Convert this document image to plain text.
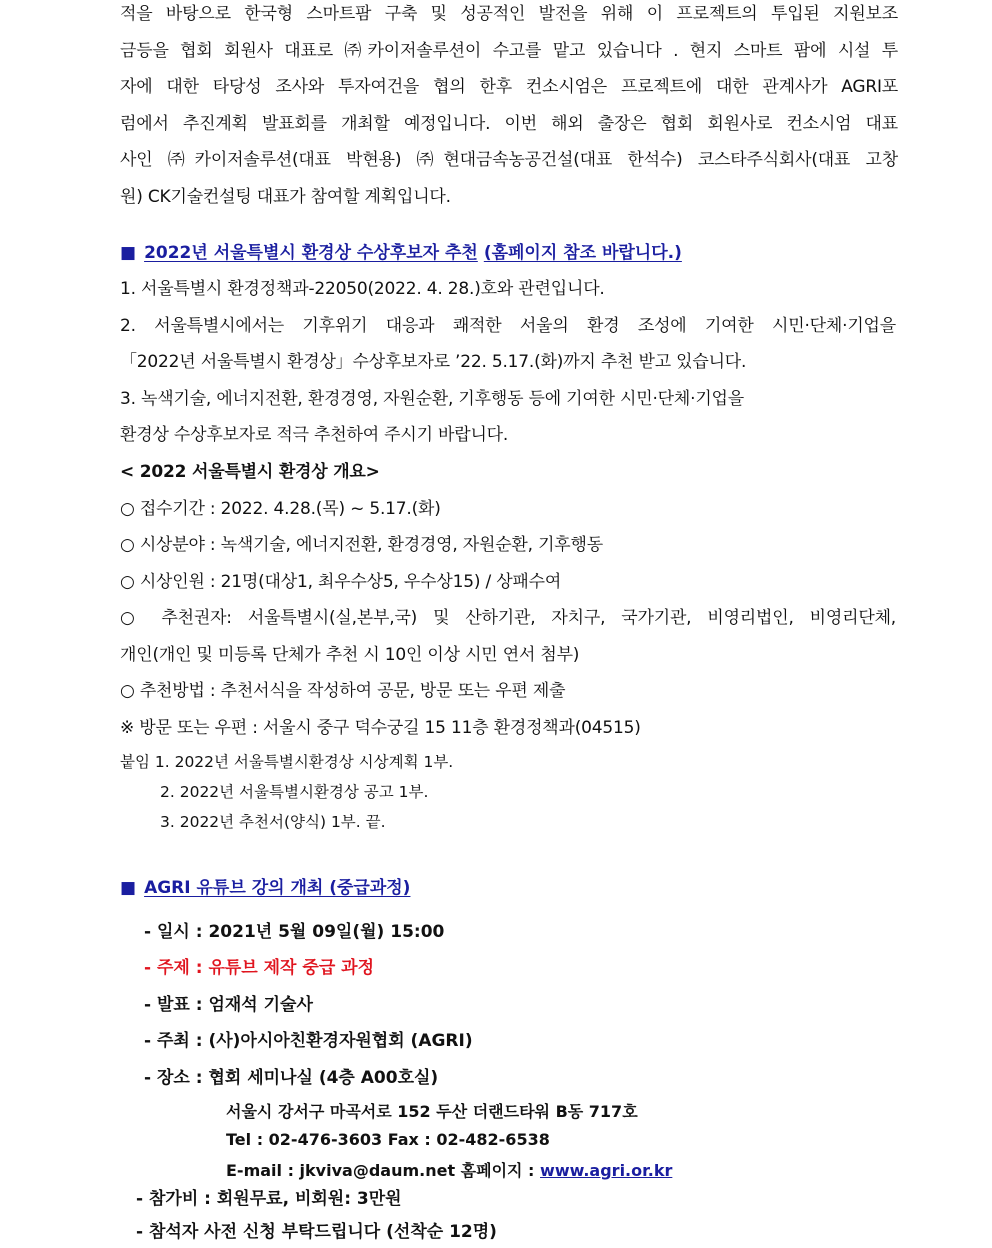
적을 바탕으로 한국형 스마트팜 구축 및 성공적인 발전을 위해 이 프로젝트의 투입된 지원보조

금등을 협회 회원사 대표로 ㈜카이저솔루션이 수고를 맡고 있습니다 . 현지 스마트 팜에 시설 투

자에 대한 타당성 조사와 투자여건을 협의 한후 컨소시엄은 프로젝트에 대한 관계사가 AGRI포

럼에서 추진계획 발표회를 개최할 예정입니다. 이번 해외 출장은 협회 회원사로 컨소시엄 대표

사인 ㈜카이저솔루션(대표 박현용) ㈜현대금속농공건설(대표 한석수) 코스타주식회사(대표 고창

원) CK기술컨설팅 대표가 참여할 계획입니다.

■ 2022년 서울특별시 환경상 수상후보자 추천 (홈페이지 참조 바랍니다.)
1. 서울특별시 환경정책과-22050(2022. 4. 28.)호와 관련입니다.
2. 서울특별시에서는 기후위기 대응과 쾌적한 서울의 환경 조성에 기여한 시민·단체·기업을
「2022년 서울특별시 환경상」수상후보자로 ’22. 5.17.(화)까지 추천 받고 있습니다.
3. 녹색기술, 에너지전환, 환경경영, 자원순환, 기후행동 등에 기여한 시민·단체·기업을
환경상 수상후보자로 적극 추천하여 주시기 바랍니다.
< 2022 서울특별시 환경상 개요>
○ 접수기간 : 2022. 4.28.(목) ~ 5.17.(화)
○ 시상분야 : 녹색기술, 에너지전환, 환경경영, 자원순환, 기후행동
○ 시상인원 : 21명(대상1, 최우수상5, 우수상15) / 상패수여
○ 추천권자: 서울특별시(실,본부,국) 및 산하기관, 자치구, 국가기관, 비영리법인, 비영리단체,
개인(개인 및 미등록 단체가 추천 시 10인 이상 시민 연서 첨부)
○ 추천방법 : 추천서식을 작성하여 공문, 방문 또는 우편 제출
※ 방문 또는 우편 : 서울시 중구 덕수궁길 15 11층 환경정책과(04515)
붙임 1. 2022년 서울특별시환경상 시상계획 1부.
2. 2022년 서울특별시환경상 공고 1부.
3. 2022년 추천서(양식) 1부. 끝.
■ AGRI 유튜브 강의 개최 (중급과정)
- 일시 : 2021년 5월 09일(월) 15:00
- 주제 : 유튜브 제작 중급 과정
- 발표 : 엄재석 기술사
- 주최 : (사)아시아친환경자원협회 (AGRI)
- 장소 : 협회 세미나실 (4층 A00호실)
서울시 강서구 마곡서로 152 두산 더랜드타워 B동 717호
Tel : 02-476-3603 Fax : 02-482-6538
E-mail : jkviva@daum.net 홈페이지 : www.agri.or.kr
- 참가비 : 회원무료, 비회원: 3만원
- 참석자 사전 신청 부탁드립니다 (선착순 12명)
